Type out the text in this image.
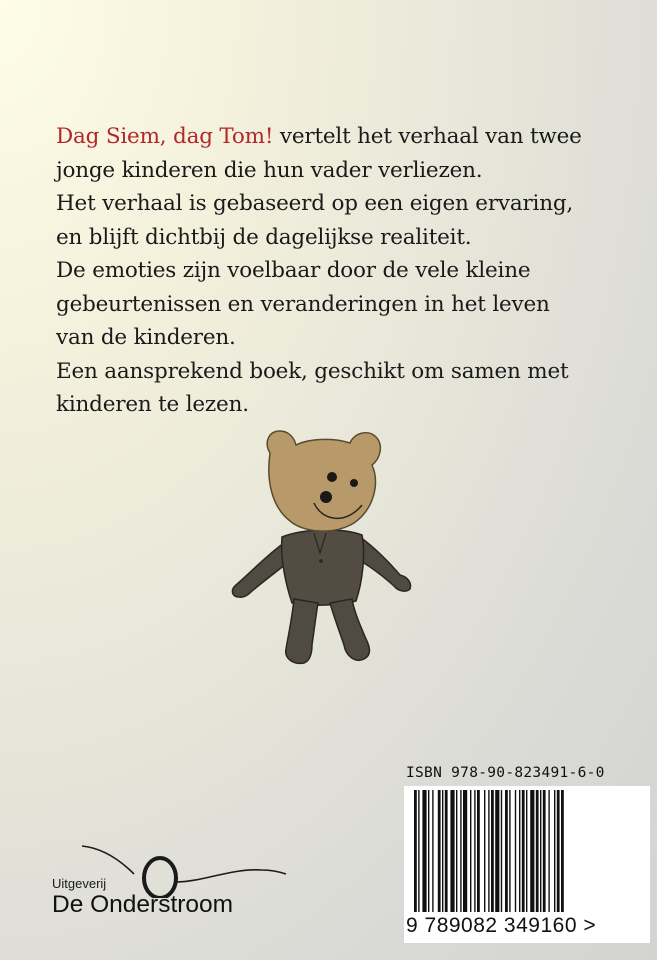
Dag Siem, dag Tom! vertelt het verhaal van twee
jonge kinderen die hun vader verliezen.
Het verhaal is gebaseerd op een eigen ervaring,
en blijft dichtbij de dagelijkse realiteit.
De emoties zijn voelbaar door de vele kleine
gebeurtenissen en veranderingen in het leven
van de kinderen.
Een aansprekend boek, geschikt om samen met
kinderen te lezen.
ISBN 978-90-823491-6-0
9 789082 349160 >
Uitgeverij
De Onderstroom
